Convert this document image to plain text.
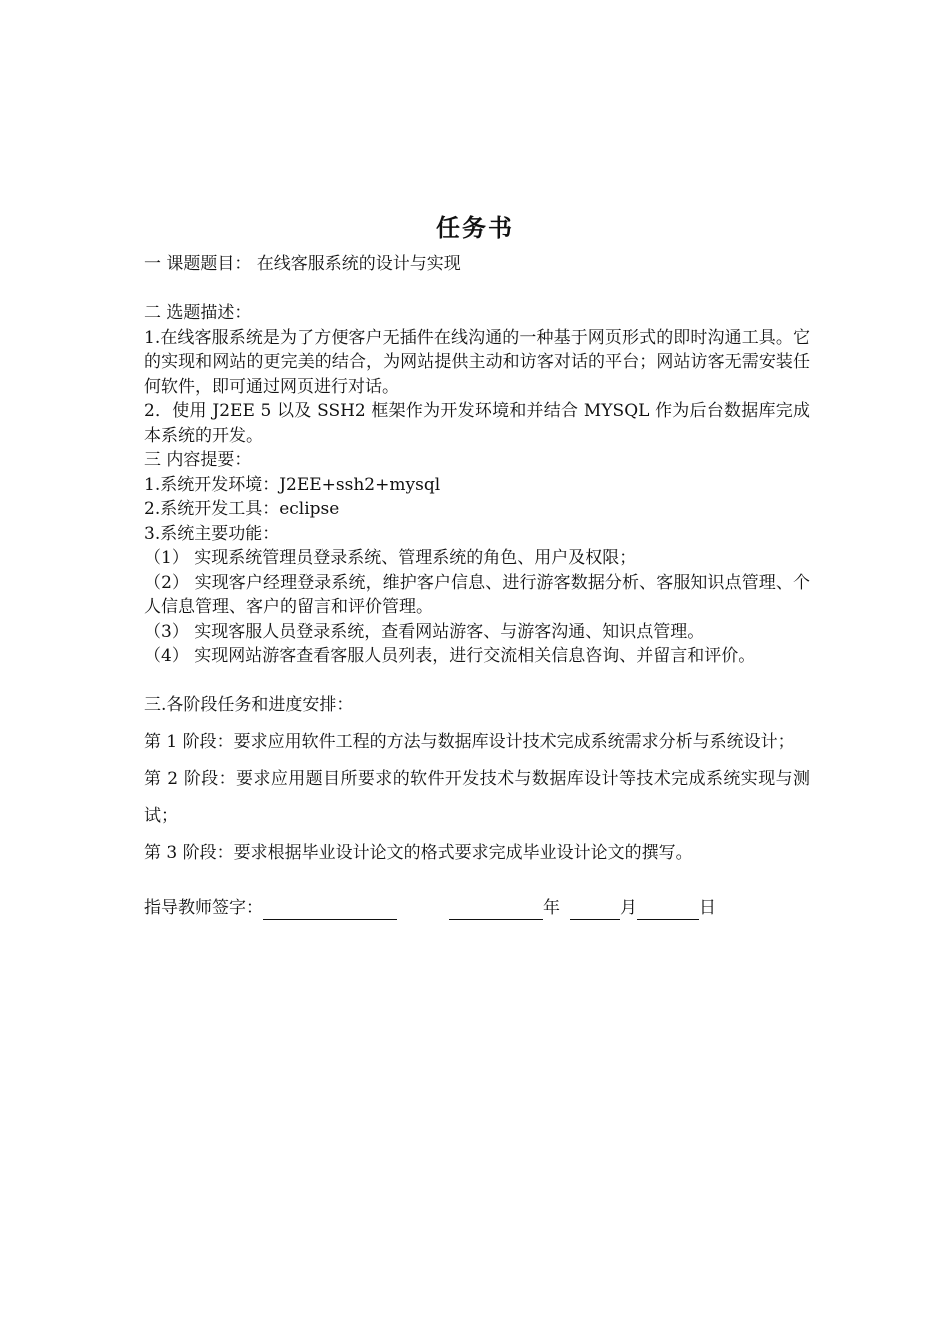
任务书

一 课题题目： 在线客服系统的设计与实现

二 选题描述：

1.在线客服系统是为了方便客户无插件在线沟通的一种基于网页形式的即时沟通工具。它的实现和网站的更完美的结合，为网站提供主动和访客对话的平台；网站访客无需安装任何软件，即可通过网页进行对话。

2．使用 J2EE 5 以及 SSH2 框架作为开发环境和并结合 MYSQL 作为后台数据库完成本系统的开发。

三 内容提要：

1.系统开发环境：J2EE+ssh2+mysql

2.系统开发工具：eclipse

3.系统主要功能：

（1） 实现系统管理员登录系统、管理系统的角色、用户及权限；

（2） 实现客户经理登录系统，维护客户信息、进行游客数据分析、客服知识点管理、个人信息管理、客户的留言和评价管理。

（3） 实现客服人员登录系统，查看网站游客、与游客沟通、知识点管理。

（4） 实现网站游客查看客服人员列表，进行交流相关信息咨询、并留言和评价。

三.各阶段任务和进度安排：

第 1 阶段：要求应用软件工程的方法与数据库设计技术完成系统需求分析与系统设计；

第 2 阶段：要求应用题目所要求的软件开发技术与数据库设计等技术完成系统实现与测试；

第 3 阶段：要求根据毕业设计论文的格式要求完成毕业设计论文的撰写。

指导教师签字：	年	月	日
